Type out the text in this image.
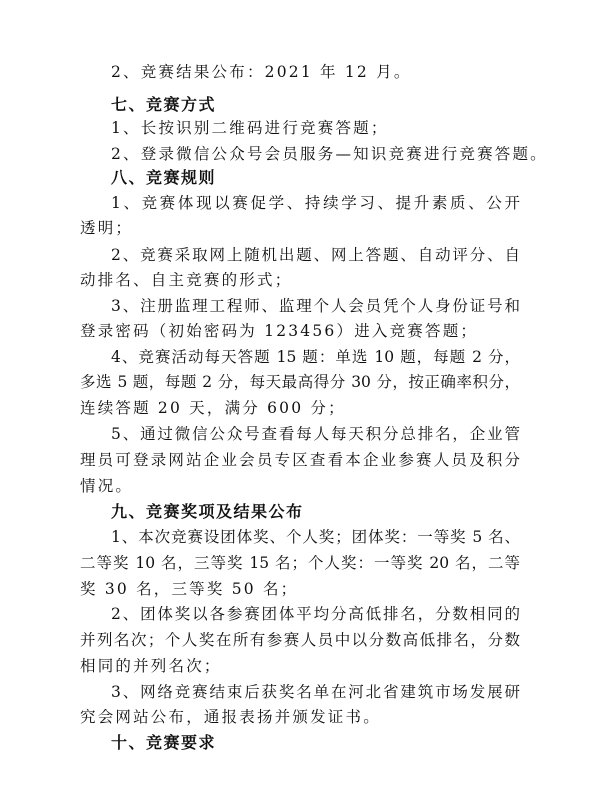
2、竞赛结果公布：2021 年 12 月。
七、竞赛方式
1、长按识别二维码进行竞赛答题；
2、登录微信公众号会员服务—知识竞赛进行竞赛答题。
八、竞赛规则
1、竞赛体现以赛促学、持续学习、提升素质、公开
透明；
2、竞赛采取网上随机出题、网上答题、自动评分、自
动排名、自主竞赛的形式；
3、注册监理工程师、监理个人会员凭个人身份证号和
登录密码（初始密码为 123456）进入竞赛答题；
4、竞赛活动每天答题 15 题：单选 10 题，每题 2 分，
多选 5 题，每题 2 分，每天最高得分 30 分，按正确率积分，
连续答题 20 天，满分 600 分；
5、通过微信公众号查看每人每天积分总排名，企业管
理员可登录网站企业会员专区查看本企业参赛人员及积分
情况。
九、竞赛奖项及结果公布
1、本次竞赛设团体奖、个人奖；团体奖：一等奖 5 名、
二等奖 10 名，三等奖 15 名；个人奖：一等奖 20 名，二等
奖 30 名，三等奖 50 名；
2、团体奖以各参赛团体平均分高低排名，分数相同的
并列名次；个人奖在所有参赛人员中以分数高低排名，分数
相同的并列名次；
3、网络竞赛结束后获奖名单在河北省建筑市场发展研
究会网站公布，通报表扬并颁发证书。
十、竞赛要求
